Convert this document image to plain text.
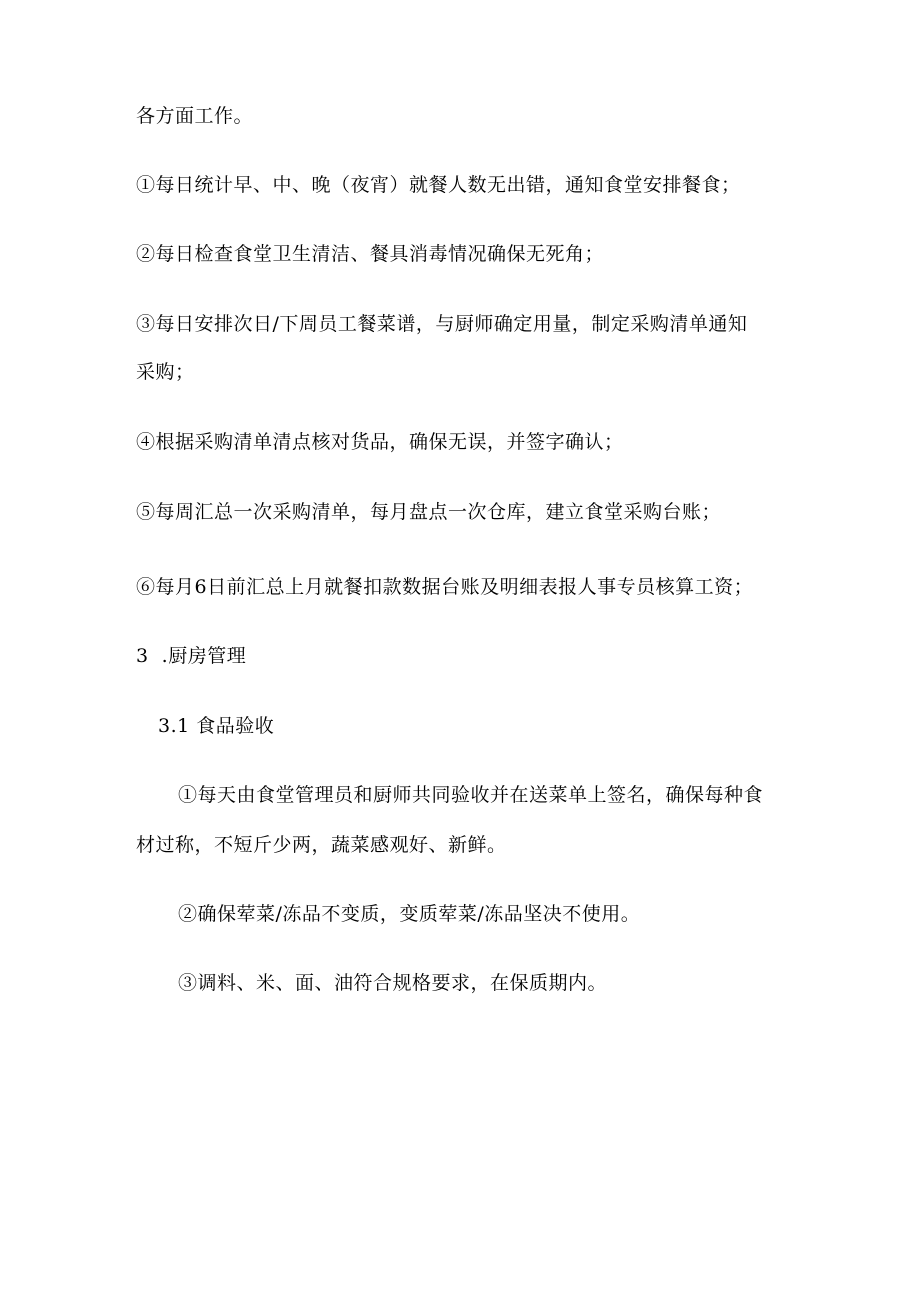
各方面工作。
①每日统计早、中、晚（夜宵）就餐人数无出错，通知食堂安排餐食；
②每日检查食堂卫生清洁、餐具消毒情况确保无死角；
③每日安排次日/下周员工餐菜谱，与厨师确定用量，制定采购清单通知
采购；
④根据采购清单清点核对货品，确保无误，并签字确认；
⑤每周汇总一次采购清单，每月盘点一次仓库，建立食堂采购台账；
⑥每月6日前汇总上月就餐扣款数据台账及明细表报人事专员核算工资；
3  .厨房管理
3.1 食品验收
①每天由食堂管理员和厨师共同验收并在送菜单上签名，确保每种食
材过称，不短斤少两，蔬菜感观好、新鲜。
②确保荤菜/冻品不变质，变质荤菜/冻品坚决不使用。
③调料、米、面、油符合规格要求，在保质期内。
